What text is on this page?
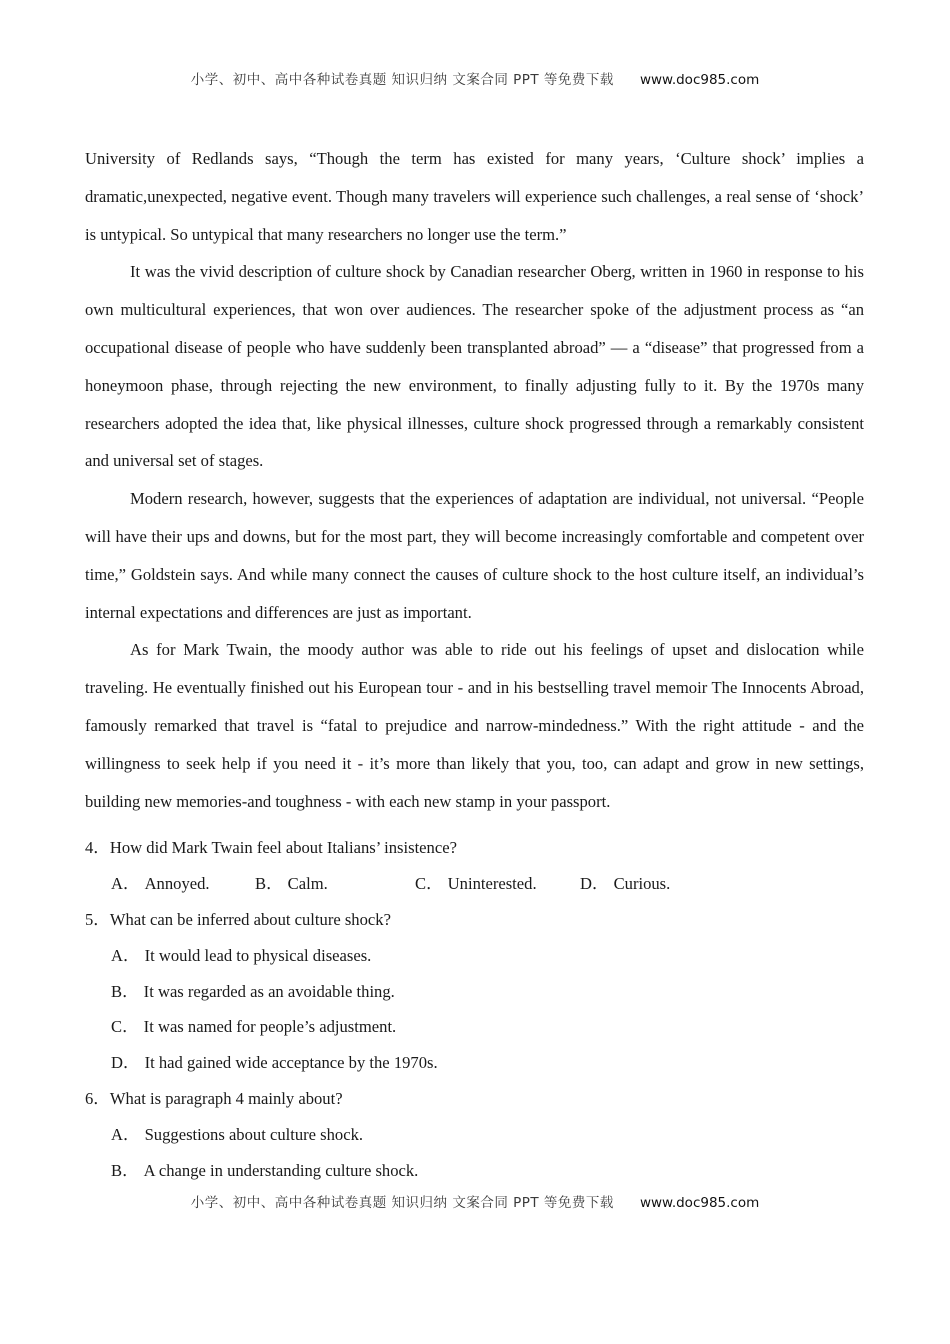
小学、初中、高中各种试卷真题 知识归纳 文案合同 PPT 等免费下载 www.doc985.com

University of Redlands says, “Though the term has existed for many years, ‘Culture shock’ implies a dramatic,unexpected, negative event. Though many travelers will experience such challenges, a real sense of ‘shock’ is untypical. So untypical that many researchers no longer use the term.”

It was the vivid description of culture shock by Canadian researcher Oberg, written in 1960 in response to his own multicultural experiences, that won over audiences. The researcher spoke of the adjustment process as “an occupational disease of people who have suddenly been transplanted abroad” — a “disease” that progressed from a honeymoon phase, through rejecting the new environment, to finally adjusting fully to it. By the 1970s many researchers adopted the idea that, like physical illnesses, culture shock progressed through a remarkably consistent and universal set of stages.

Modern research, however, suggests that the experiences of adaptation are individual, not universal. “People will have their ups and downs, but for the most part, they will become increasingly comfortable and competent over time,” Goldstein says. And while many connect the causes of culture shock to the host culture itself, an individual’s internal expectations and differences are just as important.

As for Mark Twain, the moody author was able to ride out his feelings of upset and dislocation while traveling. He eventually finished out his European tour - and in his bestselling travel memoir The Innocents Abroad, famously remarked that travel is “fatal to prejudice and narrow-mindedness.” With the right attitude - and the willingness to seek help if you need it - it’s more than likely that you, too, can adapt and grow in new settings, building new memories-and toughness - with each new stamp in your passport.

4．How did Mark Twain feel about Italians’ insistence?
A． Annoyed.	B． Calm.	C． Uninterested.	D． Curious.
5．What can be inferred about culture shock?
A． It would lead to physical diseases.
B． It was regarded as an avoidable thing.
C． It was named for people’s adjustment.
D． It had gained wide acceptance by the 1970s.
6．What is paragraph 4 mainly about?
A． Suggestions about culture shock.
B． A change in understanding culture shock.
小学、初中、高中各种试卷真题 知识归纳 文案合同 PPT 等免费下载 www.doc985.com
